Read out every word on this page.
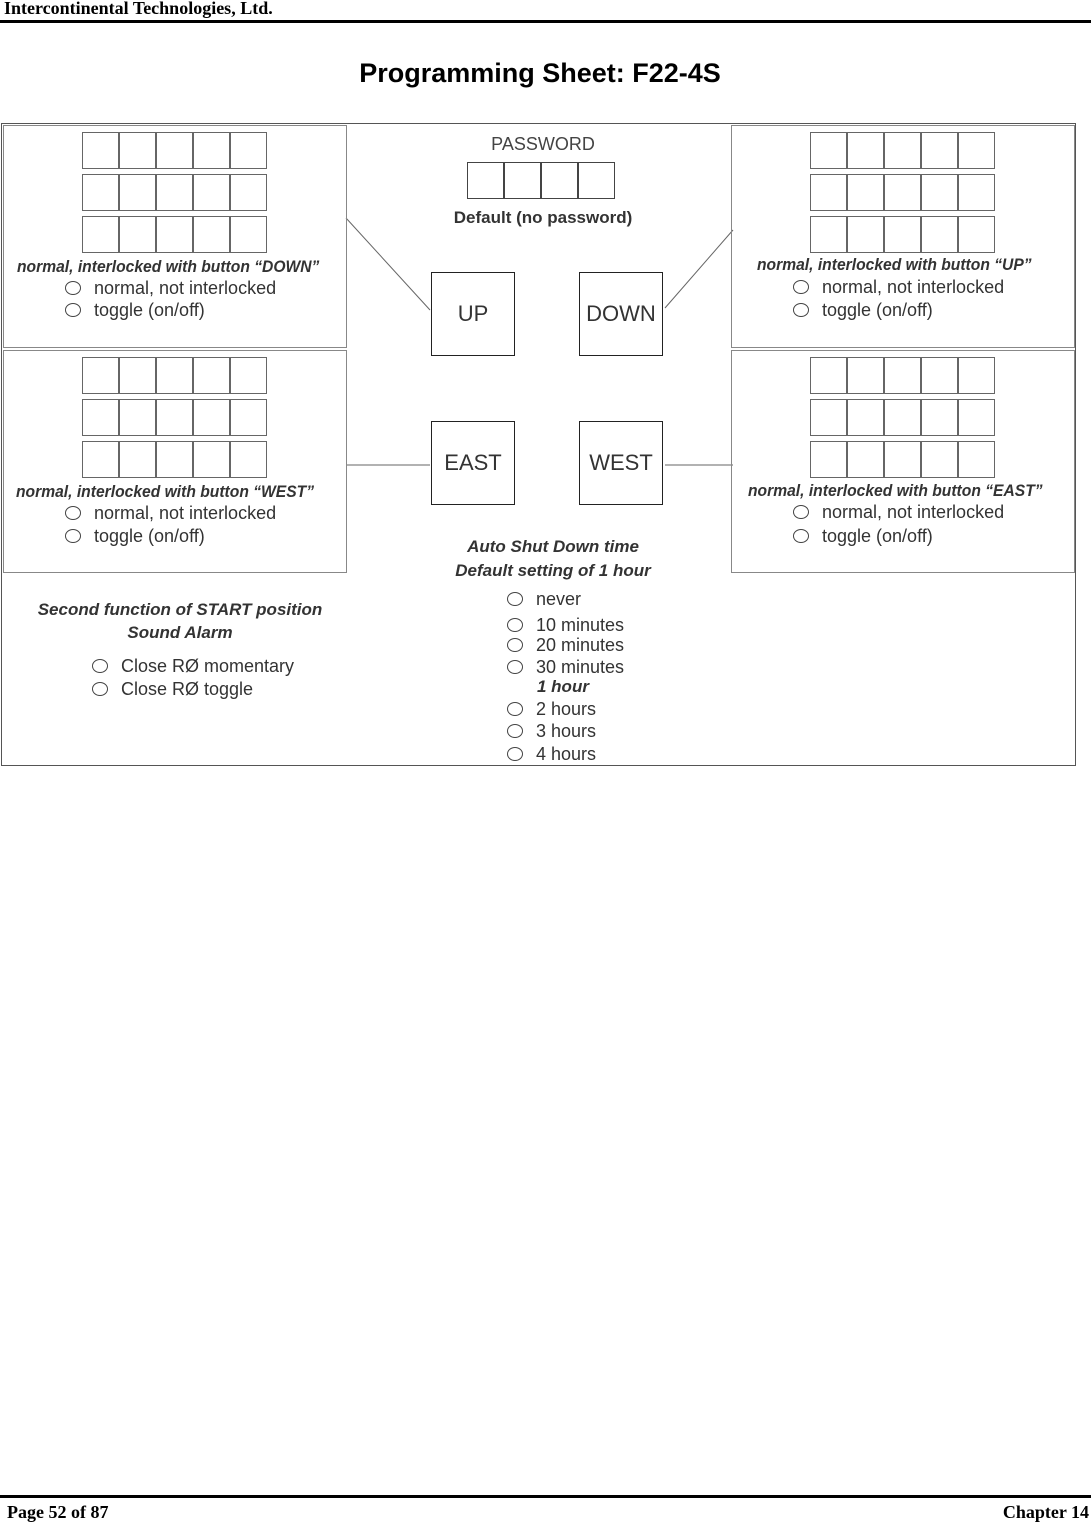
Intercontinental Technologies, Ltd.
Programming Sheet: F22-4S
normal, interlocked with button “DOWN”
normal, not interlocked
toggle (on/off)
normal, interlocked with button “WEST”
normal, not interlocked
toggle (on/off)
normal, interlocked with button “UP”
normal, not interlocked
toggle (on/off)
normal, interlocked with button “EAST”
normal, not interlocked
toggle (on/off)
PASSWORD
Default (no password)
UP	DOWN
EAST	WEST
Auto Shut Down time
Default setting of 1 hour
never
10 minutes
20 minutes
30 minutes
1 hour
2 hours
3 hours
4 hours
Second function of START position
Sound Alarm
Close RØ momentary
Close RØ toggle
Page 52 of 87	Chapter 14
